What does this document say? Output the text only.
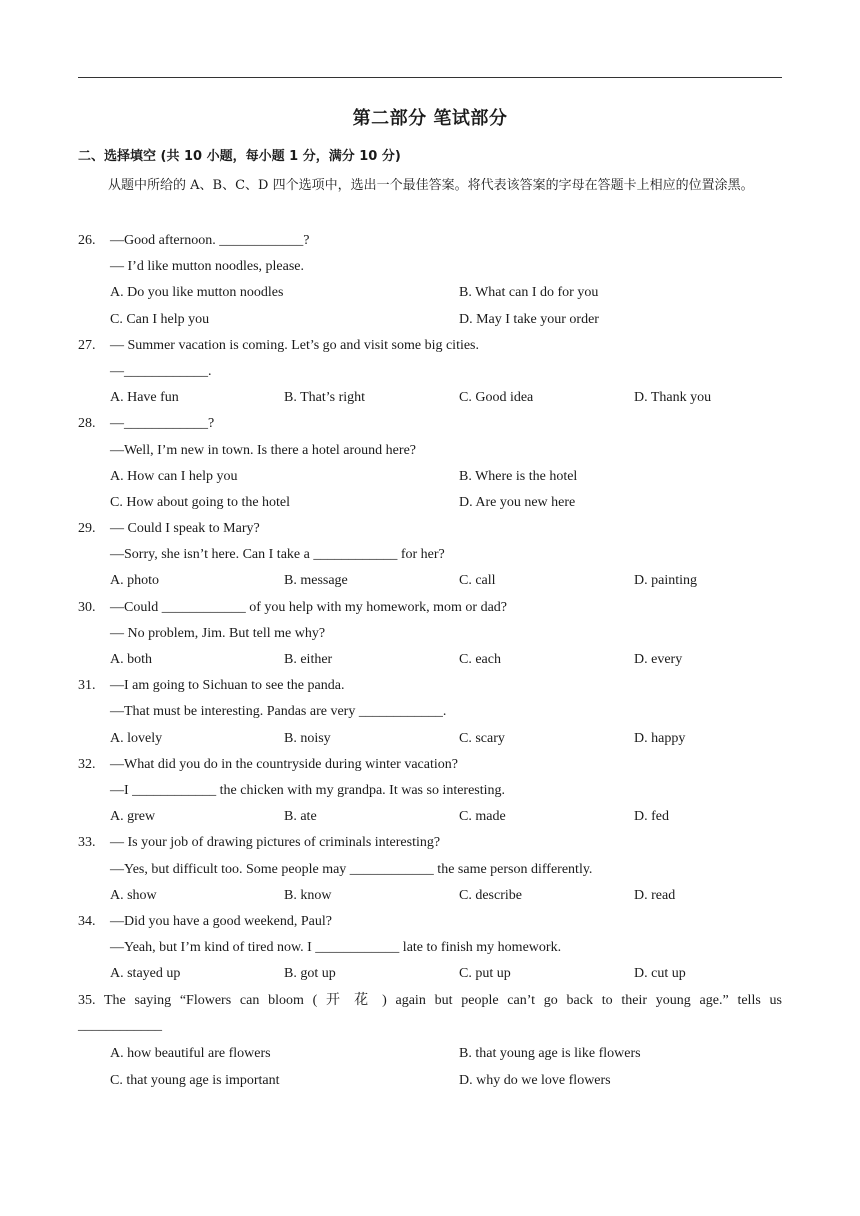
第二部分 笔试部分
二、选择填空 (共 10 小题，每小题 1 分，满分 10 分)
从题中所给的 A、B、C、D 四个选项中，选出一个最佳答案。将代表该答案的字母在答题卡上相应的位置涂黑。
26. —Good afternoon. ____________?
— I’d like mutton noodles, please.
A. Do you like mutton noodles	B. What can I do for you
C. Can I help you	D. May I take your order
27. — Summer vacation is coming. Let’s go and visit some big cities.
—____________.
A. Have fun	B. That’s right	C. Good idea	D. Thank you
28. —____________?
—Well, I’m new in town. Is there a hotel around here?
A. How can I help you	B. Where is the hotel
C. How about going to the hotel	D. Are you new here
29. — Could I speak to Mary?
—Sorry, she isn’t here. Can I take a ____________ for her?
A. photo	B. message	C. call	D. painting
30. —Could ____________ of you help with my homework, mom or dad?
— No problem, Jim. But tell me why?
A. both	B. either	C. each	D. every
31. —I am going to Sichuan to see the panda.
—That must be interesting. Pandas are very ____________.
A. lovely	B. noisy	C. scary	D. happy
32. —What did you do in the countryside during winter vacation?
—I ____________ the chicken with my grandpa. It was so interesting.
A. grew	B. ate	C. made	D. fed
33. — Is your job of drawing pictures of criminals interesting?
—Yes, but difficult too. Some people may ____________ the same person differently.
A. show	B. know	C. describe	D. read
34. —Did you have a good weekend, Paul?
—Yeah, but I’m kind of tired now. I ____________ late to finish my homework.
A. stayed up	B. got up	C. put up	D. cut up
35. The saying “Flowers can bloom ( 开 花 ) again but people can’t go back to their young age.” tells us
____________
A. how beautiful are flowers	B. that young age is like flowers
C. that young age is important	D. why do we love flowers
